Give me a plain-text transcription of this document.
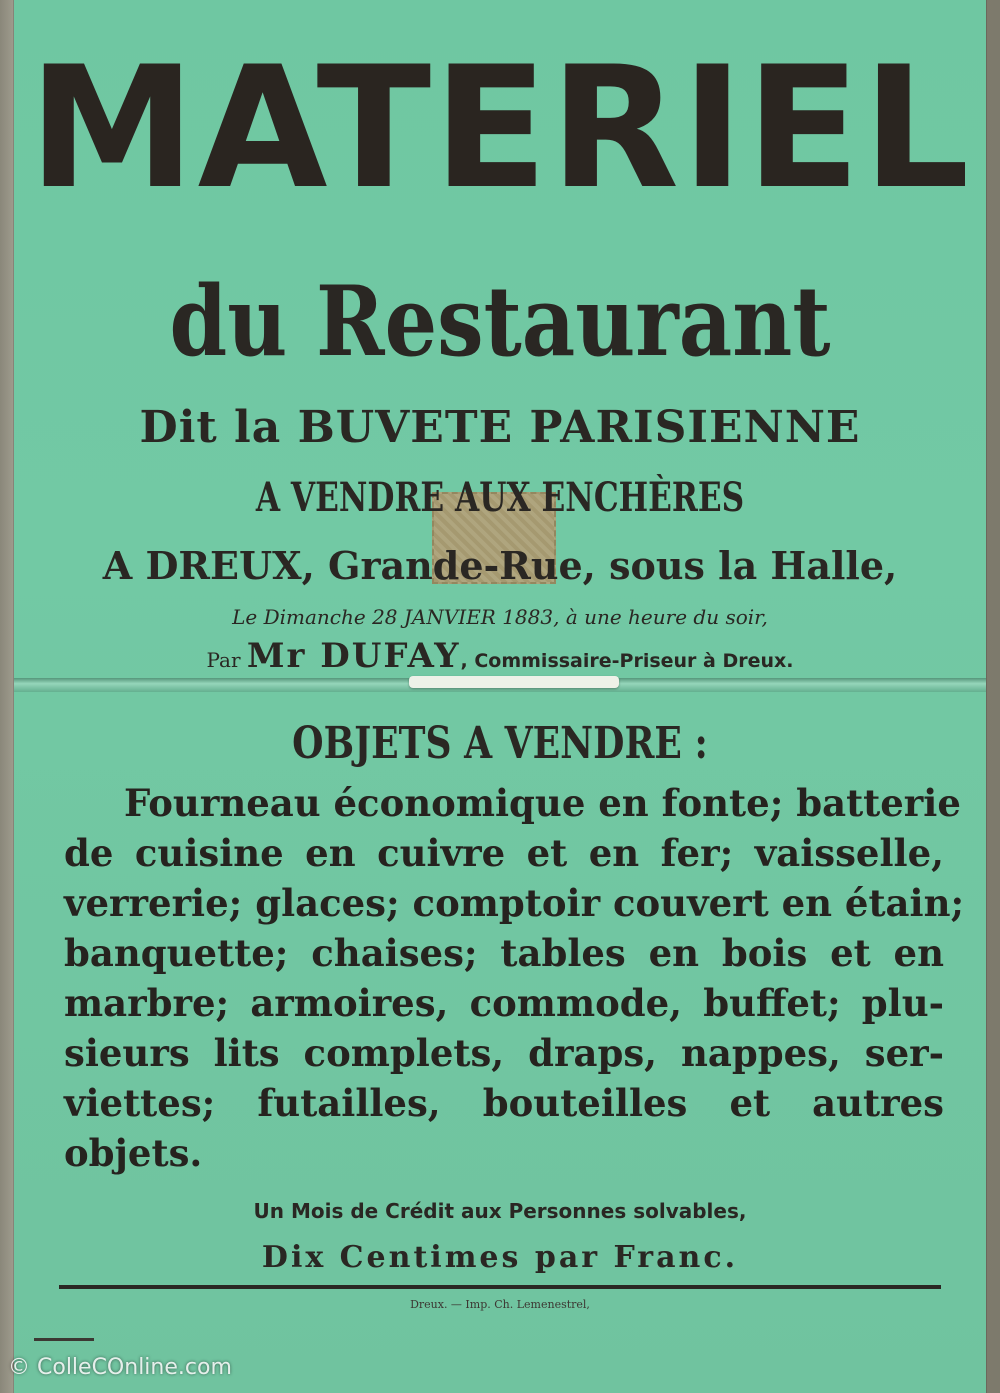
MATERIEL

du Restaurant

Dit la BUVETE PARISIENNE

A VENDRE AUX ENCHÈRES

A DREUX, Grande-Rue, sous la Halle,

Le Dimanche 28 JANVIER 1883, à une heure du soir,

Par Mr DUFAY, Commissaire-Priseur à Dreux.

OBJETS A VENDRE :

Fourneau économique en fonte; batterie
de cuisine en cuivre et en fer; vaisselle,
verrerie; glaces; comptoir couvert en étain;
banquette; chaises; tables en bois et en
marbre; armoires, commode, buffet; plu-
sieurs lits complets, draps, nappes, ser-
viettes; futailles, bouteilles et autres
objets.

Un Mois de Crédit aux Personnes solvables,

Dix Centimes par Franc.

Dreux. — Imp. Ch. Lemenestrel,

© ColleCOnline.com
